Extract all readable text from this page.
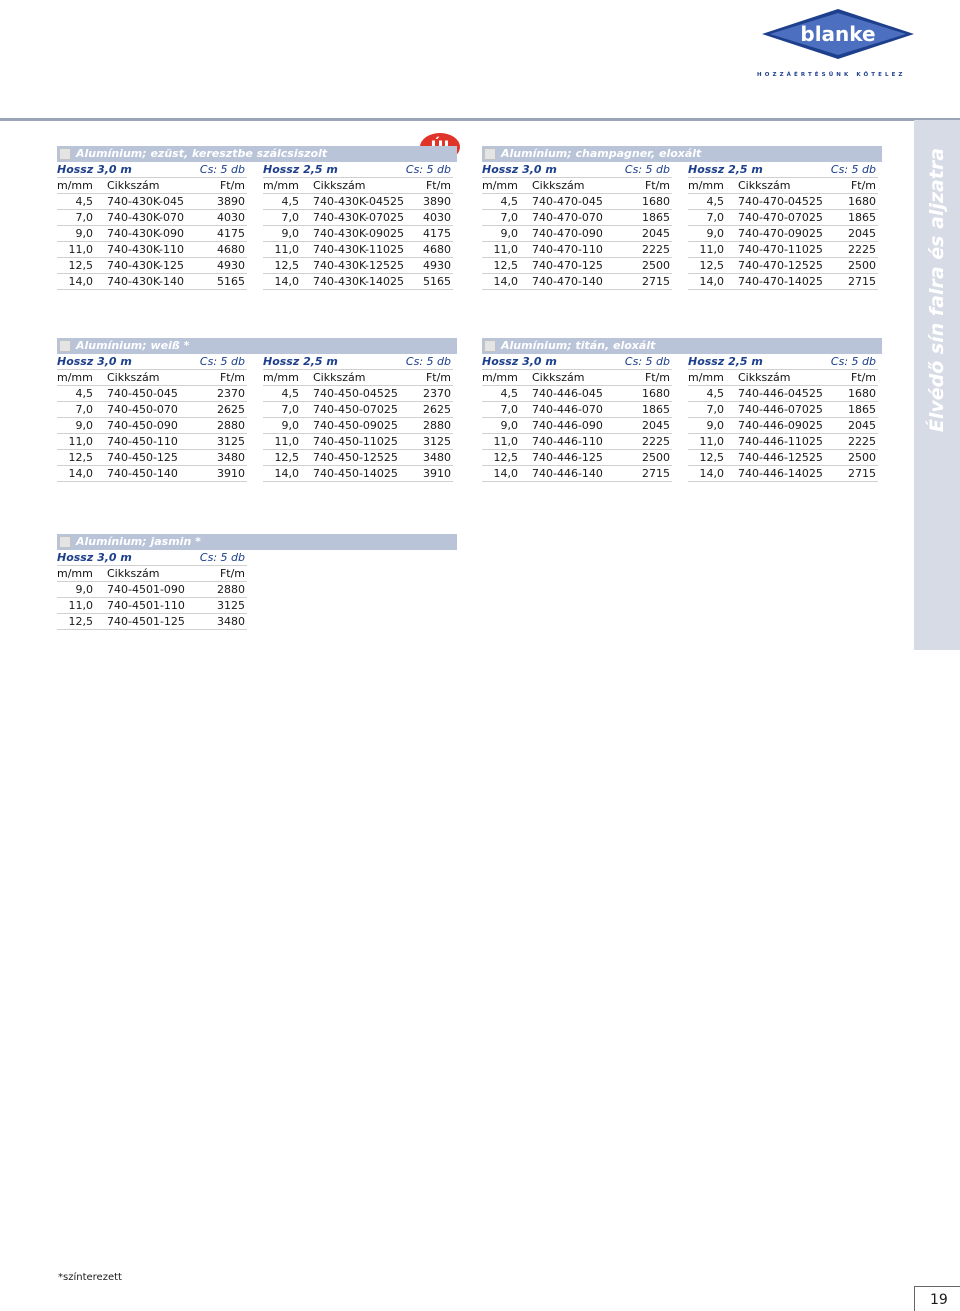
blanke
HOZZÁÉRTÉSÜNK KÖTELEZ
Alumínium; ezüst, keresztbe szálcsiszolt
Hossz 3,0 m	Cs: 5 db
m/mm Cikkszám	Ft/m
4,5 740-430K-045	3890
7,0 740-430K-070	4030
9,0 740-430K-090	4175
11,0 740-430K-110	4680
12,5 740-430K-125	4930
14,0 740-430K-140	5165
Hossz 2,5 m	Cs: 5 db
m/mm Cikkszám	Ft/m
4,5 740-430K-04525 3890
7,0 740-430K-07025 4030
9,0 740-430K-09025 4175
11,0 740-430K-11025 4680
12,5 740-430K-12525 4930
14,0 740-430K-14025 5165
Alumínium; champagner, eloxált
Hossz 3,0 m	Cs: 5 db
m/mm Cikkszám	Ft/m
4,5 740-470-045	1680
7,0 740-470-070	1865
9,0 740-470-090	2045
11,0 740-470-110	2225
12,5 740-470-125	2500
14,0 740-470-140	2715
Hossz 2,5 m	Cs: 5 db
m/mm Cikkszám	Ft/m
4,5 740-470-04525 1680
7,0 740-470-07025 1865
9,0 740-470-09025 2045
11,0 740-470-11025 2225
12,5 740-470-12525 2500
14,0 740-470-14025 2715
Alumínium; weiß *
Hossz 3,0 m	Cs: 5 db
m/mm Cikkszám	Ft/m
4,5 740-450-045	2370
7,0 740-450-070	2625
9,0 740-450-090	2880
11,0 740-450-110	3125
12,5 740-450-125	3480
14,0 740-450-140	3910
Hossz 2,5 m	Cs: 5 db
m/mm Cikkszám	Ft/m
4,5 740-450-04525 2370
7,0 740-450-07025 2625
9,0 740-450-09025 2880
11,0 740-450-11025 3125
12,5 740-450-12525 3480
14,0 740-450-14025 3910
Alumínium; titán, eloxált
Hossz 3,0 m	Cs: 5 db
m/mm Cikkszám	Ft/m
4,5 740-446-045	1680
7,0 740-446-070	1865
9,0 740-446-090	2045
11,0 740-446-110	2225
12,5 740-446-125	2500
14,0 740-446-140	2715
Hossz 2,5 m	Cs: 5 db
m/mm Cikkszám	Ft/m
4,5 740-446-04525 1680
7,0 740-446-07025 1865
9,0 740-446-09025 2045
11,0 740-446-11025 2225
12,5 740-446-12525 2500
14,0 740-446-14025 2715
Alumínium; jasmin *
Hossz 3,0 m	Cs: 5 db
m/mm Cikkszám	Ft/m
9,0 740-4501-090	2880
11,0 740-4501-110	3125
12,5 740-4501-125	3480
Élvédő sín falra és aljzatra
*színterezett
19
